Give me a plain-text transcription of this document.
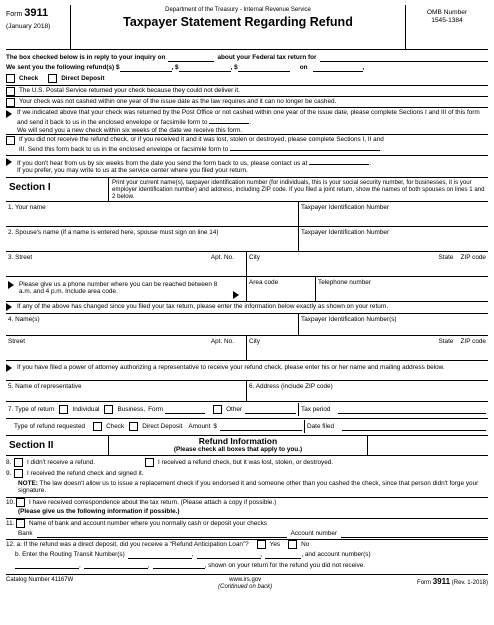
Form 3911
(January 2018)
Department of the Treasury - Internal Revenue Service
Taxpayer Statement Regarding Refund
OMB Number
1545-1384
The box checked below is in reply to your inquiry on	about your Federal tax return for
We sent you the following refund(s) $	, $	, $	on	,
Check	Direct Deposit
The U.S. Postal Service returned your check because they could not deliver it.
Your check was not cashed within one year of the issue date as the law requires and it can no longer be cashed.
If we indicated above that your check was returned by the Post Office or not cashed within one year of the issue date, please complete Sections I and III of this form and send it back to us in the enclosed envelope or facsimile form to	.
We will send you a new check within six weeks of the date we receive this form.
If you did not receive the refund check, or if you received it and it was lost, stolen or destroyed, please complete Sections I, II and
III. Send this form back to us in the enclosed envelope or facsimile form to	.
If you don't hear from us by six weeks from the date you send the form back to us, please contact us at	.
If you prefer, you may write to us at the service center where you filed your return.
Section I	Print your current name(s), taxpayer identification number (for individuals, this is your social security number, for businesses, it is your employer identification number) and address, including ZIP code. If you filed a joint return, show the names of both spouses on lines 1 and 2 below.
1. Your name	Taxpayer Identification Number
2. Spouse's name (if a name is entered here, spouse must sign on line 14)	Taxpayer Identification Number
3. Street	Apt. No. City	State ZIP code
Please give us a phone number where you can be reached between 8 a.m. and 4 p.m. Include area code.
Area code	Telephone number
If any of the above has changed since you filed your tax return, please enter the information below exactly as shown on your return.
4. Name(s)	Taxpayer Identification Number(s)
Street	Apt. No. City	State ZIP code
If you have filed a power of attorney authorizing a representative to receive your refund check, please enter his or her name and mailing address below.
5. Name of representative	6. Address (include ZIP code)
7. Type of return	Individual	Business, Form	Other	Tax period
Type of refund requested	Check	Direct Deposit Amount $	Date filed
Section II	Refund Information
(Please check all boxes that apply to you.)
8.	I didn't receive a refund.	I received a refund check, but it was lost, stolen, or destroyed.
9.	I received the refund check and signed it.
NOTE: The law doesn't allow us to issue a replacement check if you endorsed it and someone other than you cashed the check, since that person didn't forge your signature.
10. I have received correspondence about the tax return. (Please attach a copy if possible.)
(Please give us the following information if possible.)
11. Name of bank and account number where you normally cash or deposit your checks
Bank	Account number
12. a. If the refund was a direct deposit, did you receive a “Refund Anticipation Loan”?	Yes	No
b. Enter the Routing Transit Number(s)	,	,	, and account number(s)
,	,	, shown on your return for the refund you did not receive.
Catalog Number 41167W	www.irs.gov
(Continued on back)
Form 3911 (Rev. 1-2018)
